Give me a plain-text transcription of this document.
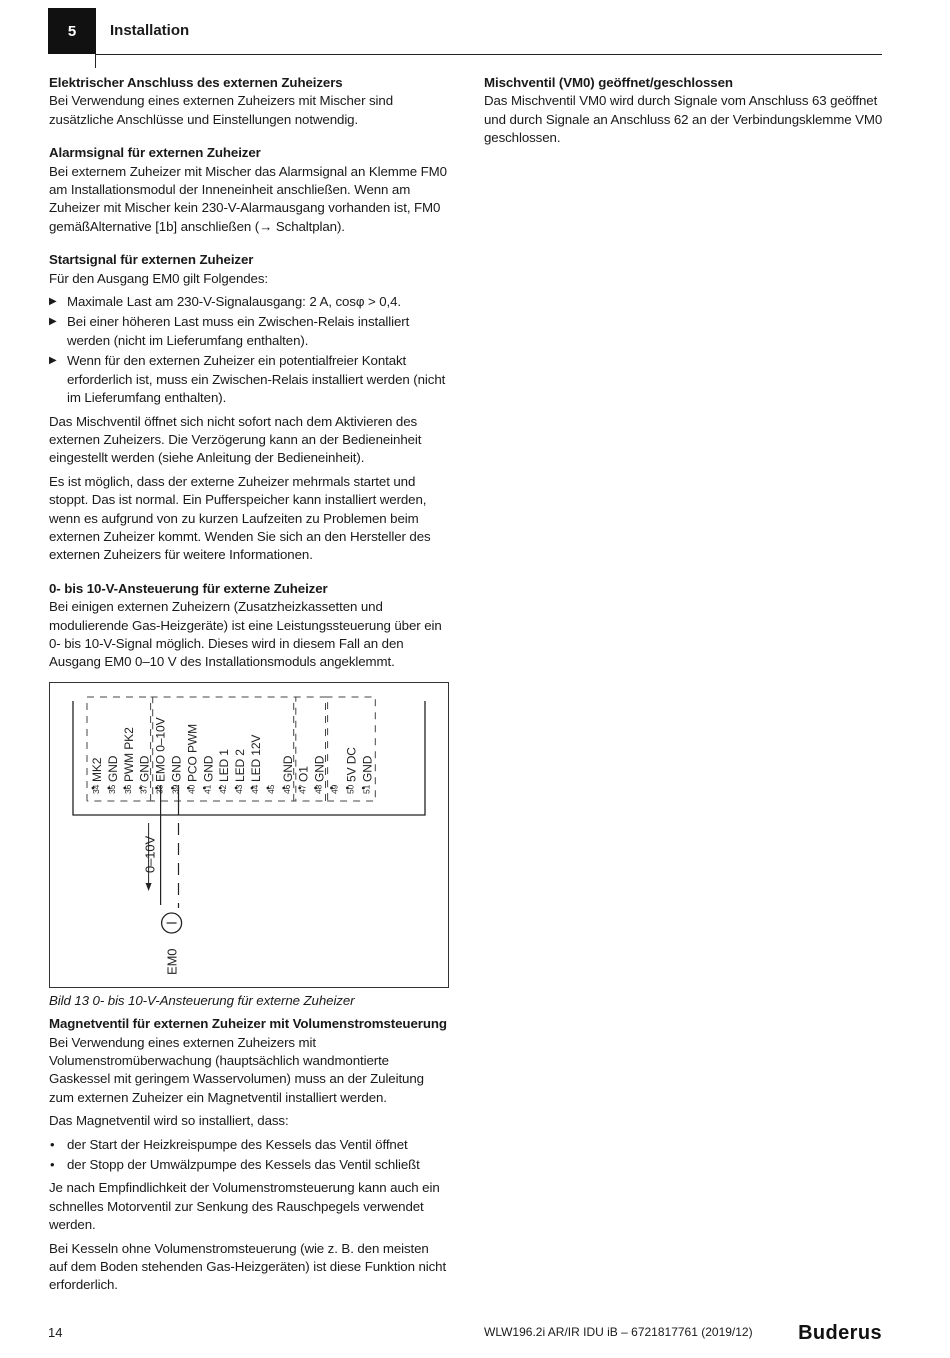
5	Installation
Elektrischer Anschluss des externen Zuheizers

Bei Verwendung eines externen Zuheizers mit Mischer sind zusätzliche Anschlüsse und Einstellungen notwendig.

Alarmsignal für externen Zuheizer

Bei externem Zuheizer mit Mischer das Alarmsignal an Klemme FM0 am Installationsmodul der Inneneinheit anschließen. Wenn am Zuheizer mit Mischer kein 230-V-Alarmausgang vorhanden ist, FM0 gemäßAlternative [1b] anschließen (→ Schaltplan).

Startsignal für externen Zuheizer

Für den Ausgang EM0 gilt Folgendes:

▶ Maximale Last am 230-V-Signalausgang: 2 A, cosφ > 0,4.
▶ Bei einer höheren Last muss ein Zwischen-Relais installiert werden (nicht im Lieferumfang enthalten).
▶ Wenn für den externen Zuheizer ein potentialfreier Kontakt erforderlich ist, muss ein Zwischen-Relais installiert werden (nicht im Lieferumfang enthalten).

Das Mischventil öffnet sich nicht sofort nach dem Aktivieren des externen Zuheizers. Die Verzögerung kann an der Bedieneinheit eingestellt werden (siehe Anleitung der Bedieneinheit).

Es ist möglich, dass der externe Zuheizer mehrmals startet und stoppt. Das ist normal. Ein Pufferspeicher kann installiert werden, wenn es aufgrund von zu kurzen Laufzeiten zu Problemen beim externen Zuheizer kommt. Wenden Sie sich an den Hersteller des externen Zuheizers für weitere Informationen.

0- bis 10-V-Ansteuerung für externe Zuheizer

Bei einigen externen Zuheizern (Zusatzheizkassetten und modulierende Gas-Heizgeräte) ist eine Leistungssteuerung über ein 0- bis 10-V-Signal möglich. Dieses wird in diesem Fall an den Ausgang EM0 0–10 V des Installationsmoduls angeklemmt.

34
MK2
35
GND
36
PWM PK2
37
GND
38
EMO 0–10V
39
GND
40
PCO PWM
41
GND
42
LED 1
43
LED 2
44
LED 12V
45 46
GND
47
O1
48
GND
49 50
5V DC
51
GND
0–10V
EM0

Bild 13 0- bis 10-V-Ansteuerung für externe Zuheizer

Magnetventil für externen Zuheizer mit Volumenstromsteuerung

Bei Verwendung eines externen Zuheizers mit Volumenstromüberwachung (hauptsächlich wandmontierte Gaskessel mit geringem Wasservolumen) muss an der Zuleitung zum externen Zuheizer ein Magnetventil installiert werden.

Das Magnetventil wird so installiert, dass:

• der Start der Heizkreispumpe des Kessels das Ventil öffnet
• der Stopp der Umwälzpumpe des Kessels das Ventil schließt

Je nach Empfindlichkeit der Volumenstromsteuerung kann auch ein schnelles Motorventil zur Senkung des Rauschpegels verwendet werden.

Bei Kesseln ohne Volumenstromsteuerung (wie z. B. den meisten auf dem Boden stehenden Gas-Heizgeräten) ist diese Funktion nicht erforderlich.

Mischventil (VM0) geöffnet/geschlossen

Das Mischventil VM0 wird durch Signale vom Anschluss 63 geöffnet und durch Signale an Anschluss 62 an der Verbindungsklemme VM0 geschlossen.

14	WLW196.2i AR/IR IDU iB – 6721817761 (2019/12) Buderus
